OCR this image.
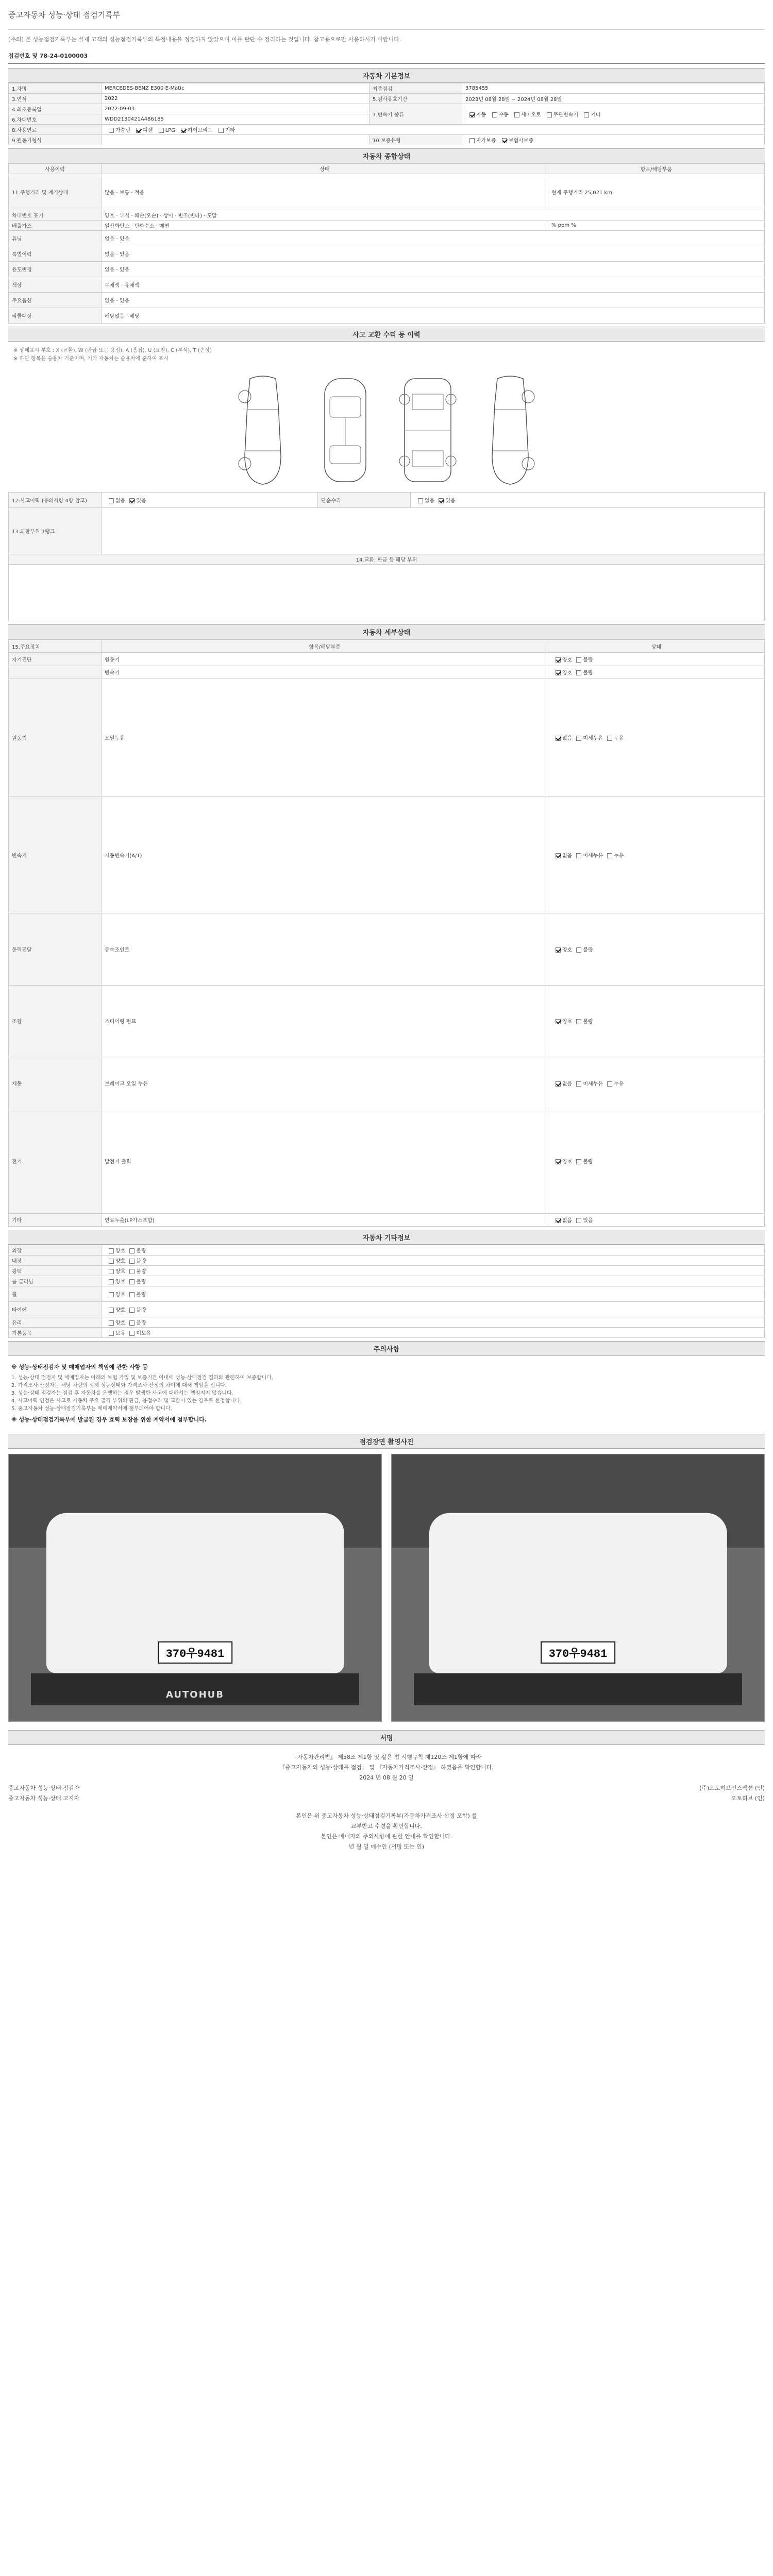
중고자동차 성능·상태 점검기록부
[주의] 본 성능점검기록부는 실제 고객의 성능점검기록부의 특정내용을 정정하지 않았으며 이를 판단 수 정리하는 것입니다. 참고용으로만 사용하시기 바랍니다.
점검번호 및 78-24-0100003
자동차 기본정보
1.차명	MERCEDES-BENZ E300 E-Matic	최종점검	3785455
3.연식	2022	5.검사유효기간	2023년 08월 28일 ~ 2024년 08월 28일
4.최초등록일	2022-09-03	7.변속기 종류	자동 수동 세미오토 무단변속기 기타
6.차대번호	WDD2130421A486185		
8.사용연료	가솔린 디젤 LPG 하이브리드 기타		
9.원동기형식		10.보증유형	자가보증 보험사보증
자동차 종합상태
사용이력	상태	항목/해당부품
11.주행거리 및 계기상태	많음 · 보통 · 적음	현재 주행거리 25,021 km
차대번호 표기	양호 · 부식 · 훼손(오손) · 상이 · 변조(변타) · 도말	
배출가스	일산화탄소 · 탄화수소 · 매연	% ppm %
튜닝	없음 · 있음	
특별이력	없음 · 있음	
용도변경	없음 · 있음	
색상	무채색 · 유채색	
주요옵션	없음 · 있음	
리콜대상	해당없음 · 해당	
사고 교환 수리 등 이력
※ 상태표시 부호 : X (교환), W (판금 또는 용접), A (흠집), U (요철), C (부식), T (손상)
※ 하단 항목은 승용차 기준이며, 기타 자동차는 승용차에 준하여 표시
12.사고이력 (유의사항 4항 참고)	없음 있음	단순수리	없음 있음
13.외판부위 1랭크			
14.교환, 판금 등 해당 부위			

자동차 세부상태
15.주요장치	항목/해당부품	상태
자기진단	원동기	양호 불량
	변속기	양호 불량
원동기	오일누유	없음 미세누유 누유
변속기	자동변속기(A/T)	없음 미세누유 누유
동력전달	등속조인트	양호 불량
조향	스티어링 펌프	양호 불량
제동	브레이크 오일 누유	없음 미세누유 누유
전기	발전기 출력	양호 불량
기타	연료누출(LP가스포함)	없음 있음
자동차 기타정보
외장	양호 불량
내장	양호 불량
광택	양호 불량
룸 클리닝	양호 불량
휠	양호 불량
타이어	양호 불량
유리	양호 불량
기본품목	보유 미보유
주의사항
※ 성능·상태점검자 및 매매업자의 책임에 관한 사항 등
1. 성능·상태 점검자 및 매매업자는 아래의 보험 가입 및 보증기간 이내에 성능·상태점검 결과와 관련하여 보증합니다.
2. 가격조사·산정자는 해당 차량의 실제 성능상태와 가격조사·산정의 차이에 대해 책임을 집니다.
3. 성능·상태 점검자는 점검 후 자동차를 운행하는 경우 발생한 사고에 대해서는 책임지지 않습니다.
4. 사고이력 인정은 사고로 자동차 주요 골격 부위의 판금, 용접수리 및 교환이 있는 경우로 한정합니다.
5. 중고자동차 성능·상태점검기록부는 매매계약서에 첨부되어야 합니다.
※ 성능·상태점검기록부에 발급된 경우 효력 보장을 위한 계약서에 첨부합니다.
점검장면 촬영사진
370우9481
AUTOHUB
370우9481
서명
『자동차관리법』 제58조 제1항 및 같은 법 시행규칙 제120조 제1항에 따라
『중고자동차의 성능·상태를 점검』 및 『자동차가격조사·산정』 하였음을 확인합니다.
2024 년 08 월 20 일
중고자동차 성능·상태 점검자	(주)오토허브인스펙션 (인)
중고자동차 성능·상태 고지자	오토허브 (인)
본인은 위 중고자동차 성능·상태점검기록부(자동차가격조사·산정 포함) 를
교부받고 수령을 확인합니다.
본인은 매매자의 주의사항에 관한 안내를 확인합니다.
년 월 일 매수인 (서명 또는 인)
